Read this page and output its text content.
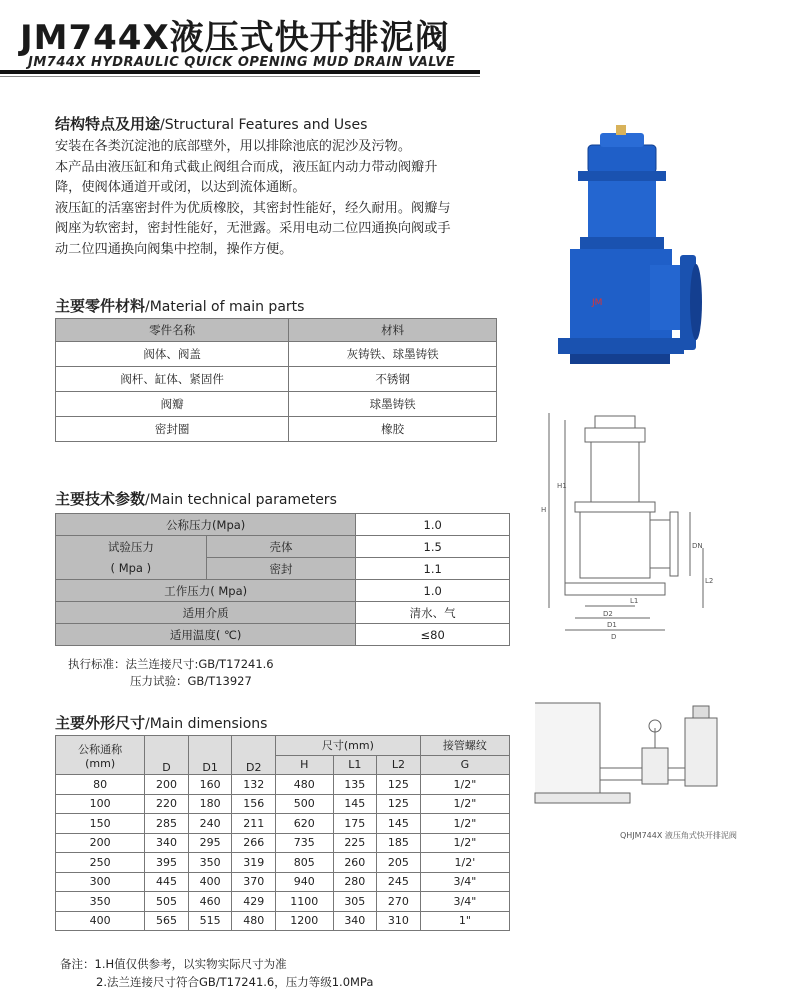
JM744X液压式快开排泥阀
JM744X HYDRAULIC QUICK OPENING MUD DRAIN VALVE
结构特点及用途/Structural Features and Uses
安装在各类沉淀池的底部壁外，用以排除池底的泥沙及污物。
本产品由液压缸和角式截止阀组合而成，液压缸内动力带动阀瓣升
降，使阀体通道开或闭，以达到流体通断。
液压缸的活塞密封件为优质橡胶，其密封性能好，经久耐用。阀瓣与
阀座为软密封，密封性能好，无泄露。采用电动二位四通换向阀或手
动二位四通换向阀集中控制，操作方便。
JM
主要零件材料/Material of main parts
零件名称	材料
阀体、阀盖	灰铸铁、球墨铸铁
阀杆、缸体、紧固件	不锈钢
阀瓣	球墨铸铁
密封圈	橡胶
H
H1
DN
L2
L1
D2
D1
D
主要技术参数/Main technical parameters
公称压力(Mpa)		1.0
试验压力	壳体	1.5
( Mpa )	密封	1.1
工作压力( Mpa)		1.0
适用介质		清水、气
适用温度( ℃)		≤80
执行标准：法兰连接尺寸:GB/T17241.6
压力试验：GB/T13927
QHJM744X 液压角式快开排泥阀
主要外形尺寸/Main dimensions
公称通称
(mm)	D	D1	D2	尺寸(mm)			接管螺纹
				H	L1	L2	G
80	200	160	132	480	135	125	1/2"
100	220	180	156	500	145	125	1/2"
150	285	240	211	620	175	145	1/2"
200	340	295	266	735	225	185	1/2"
250	395	350	319	805	260	205	1/2'
300	445	400	370	940	280	245	3/4"
350	505	460	429	1100	305	270	3/4"
400	565	515	480	1200	340	310	1"
备注：1.H值仅供参考，以实物实际尺寸为准
2.法兰连接尺寸符合GB/T17241.6，压力等级1.0MPa
